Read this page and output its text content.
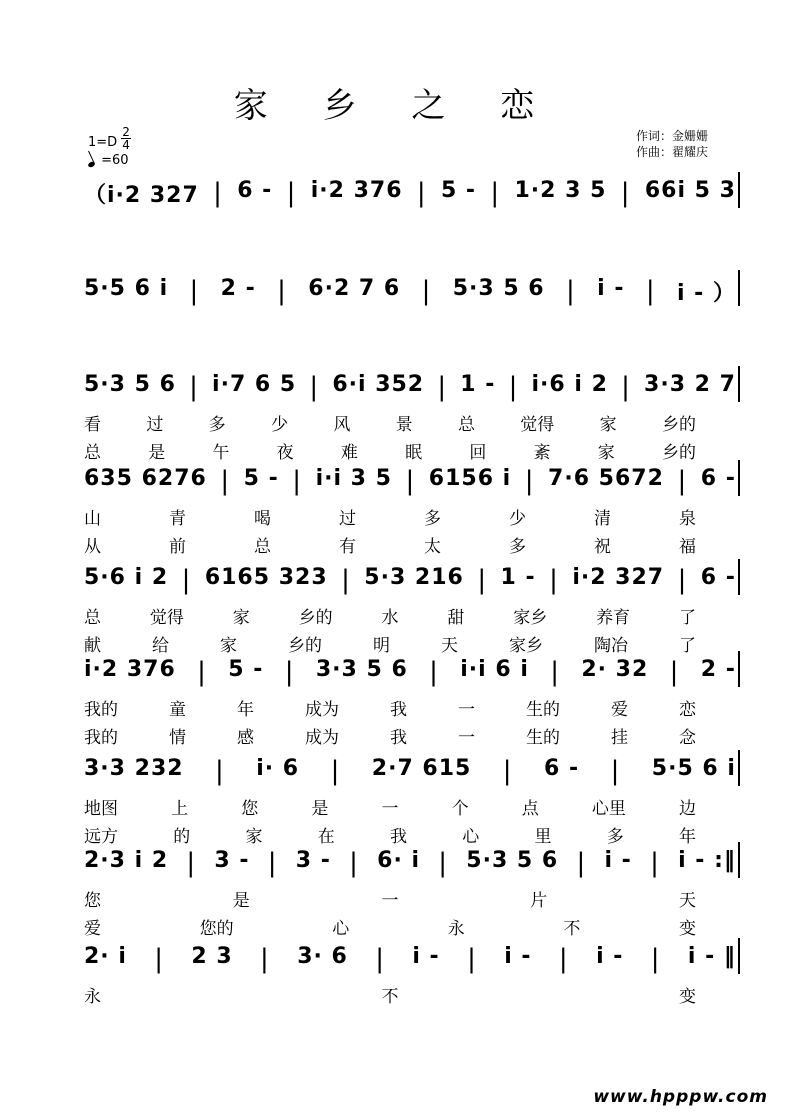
家 乡 之 恋
$1=D \frac{2}{4}$
=60
作词：金姗姗
作曲：翟耀庆
（i·2 327 | 6 - | i·2 376 | 5 - | 1·2 3 5 | 66i 5 3
5·5 6 i | 2 - | 6·2 7 6 | 5·3 5 6 | i - | i - ）
5·3 5 6 | i·7 6 5 | 6·i 352 | 1 - | i·6 i 2 | 3·3 2 7
看	过	多	少	风	景	总	觉得	家	乡的
总	是	午	夜	难	眠	回	紊	家	乡的
635 6276 | 5 - | i·i 3 5 | 6156 i | 7·6 5672 | 6 -
山	青	喝	过	多	少	清	泉
从	前	总	有	太	多	祝	福
5·6 i 2 | 6165 323 | 5·3 216 | 1 - | i·2 327 | 6 -
总	觉得	家	乡的	水	甜	家乡	养育	了
献	给	家	乡的	明	天	家乡	陶冶	了
i·2 376 | 5 - | 3·3 5 6 | i·i 6 i | 2· 32 | 2 -
我的	童	年	成为	我	一	生的	爱	恋
我的	情	感	成为	我	一	生的	挂	念
3·3 232 | i· 6 | 2·7 615 | 6 - | 5·5 6 i
地图	上	您	是	一	个	点	心里	边
远方	的	家	在	我	心	里	多	年
2·3 i 2 | 3 - | 3 - | 6· i | 5·3 5 6 | i - | i - :‖
您	是	一	片	天
爱	您的	心	永	不	变
2· i | 2 3 | 3· 6 | i - | i - | i - | i - ‖
永	不	变
www.hpppw.com
